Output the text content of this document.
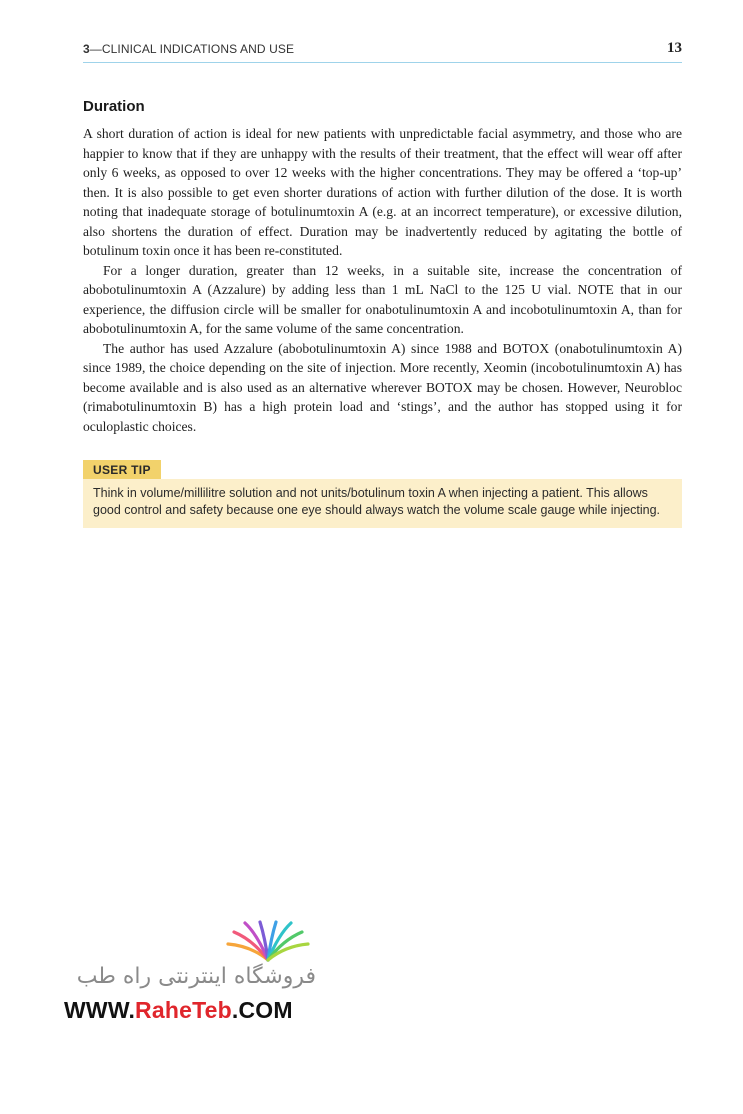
3—CLINICAL INDICATIONS AND USE	13
Duration

A short duration of action is ideal for new patients with unpredictable facial asymmetry, and those who are happier to know that if they are unhappy with the results of their treatment, that the effect will wear off after only 6 weeks, as opposed to over 12 weeks with the higher concentrations. They may be offered a ‘top-up’ then. It is also possible to get even shorter durations of action with further dilution of the dose. It is worth noting that inadequate storage of botulinumtoxin A (e.g. at an incorrect temperature), or excessive dilution, also shortens the duration of effect. Duration may be inadvertently reduced by agitating the bottle of botulinum toxin once it has been re-constituted.

For a longer duration, greater than 12 weeks, in a suitable site, increase the concentration of abobotulinumtoxin A (Azzalure) by adding less than 1 mL NaCl to the 125 U vial. NOTE that in our experience, the diffusion circle will be smaller for onabotulinumtoxin A and incobotulinumtoxin A, than for abobotulinumtoxin A, for the same volume of the same concentration.

The author has used Azzalure (abobotulinumtoxin A) since 1988 and BOTOX (onabotulinumtoxin A) since 1989, the choice depending on the site of injection. More recently, Xeomin (incobotulinumtoxin A) has become available and is also used as an alternative wherever BOTOX may be chosen. However, Neurobloc (rimabotulinumtoxin B) has a high protein load and ‘stings’, and the author has stopped using it for oculoplastic choices.

USER TIP
Think in volume/millilitre solution and not units/botulinum toxin A when injecting a patient. This allows good control and safety because one eye should always watch the volume scale gauge while injecting.
فروشگاه اینترنتی راه طب
WWW.RaheTeb.COM
